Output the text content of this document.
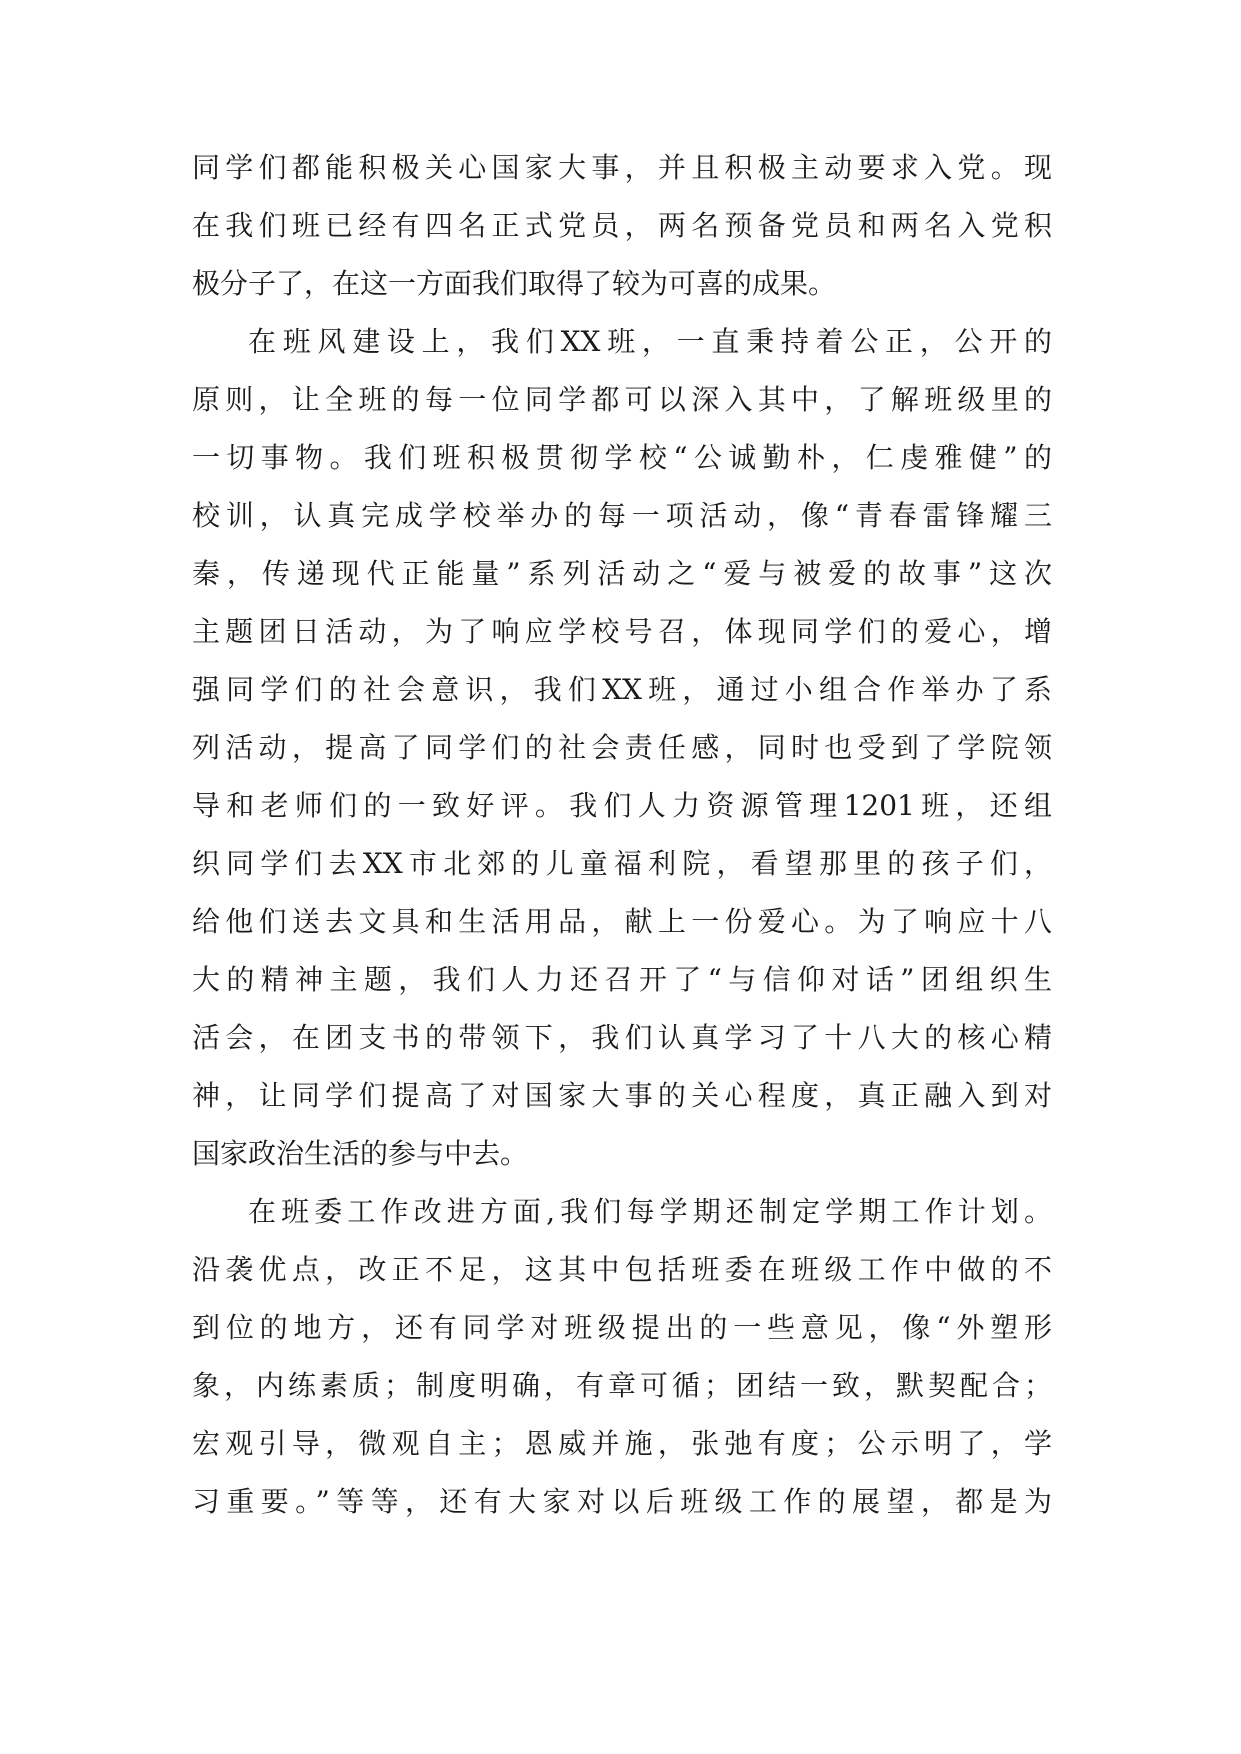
同学们都能积极关心国家大事，并且积极主动要求入党。现
在我们班已经有四名正式党员，两名预备党员和两名入党积
极分子了，在这一方面我们取得了较为可喜的成果。
在班风建设上，我们XX班，一直秉持着公正，公开的
原则，让全班的每一位同学都可以深入其中，了解班级里的
一切事物。我们班积极贯彻学校“公诚勤朴，仁虔雅健”的
校训，认真完成学校举办的每一项活动，像“青春雷锋耀三
秦，传递现代正能量”系列活动之“爱与被爱的故事”这次
主题团日活动，为了响应学校号召，体现同学们的爱心，增
强同学们的社会意识，我们XX班，通过小组合作举办了系
列活动，提高了同学们的社会责任感，同时也受到了学院领
导和老师们的一致好评。我们人力资源管理1201班，还组
织同学们去XX市北郊的儿童福利院，看望那里的孩子们，
给他们送去文具和生活用品，献上一份爱心。为了响应十八
大的精神主题，我们人力还召开了“与信仰对话”团组织生
活会，在团支书的带领下，我们认真学习了十八大的核心精
神，让同学们提高了对国家大事的关心程度，真正融入到对
国家政治生活的参与中去。
在班委工作改进方面,我们每学期还制定学期工作计划。
沿袭优点，改正不足，这其中包括班委在班级工作中做的不
到位的地方，还有同学对班级提出的一些意见，像“外塑形
象，内练素质；制度明确，有章可循；团结一致，默契配合；
宏观引导，微观自主；恩威并施，张弛有度；公示明了，学
习重要。”等等，还有大家对以后班级工作的展望，都是为
